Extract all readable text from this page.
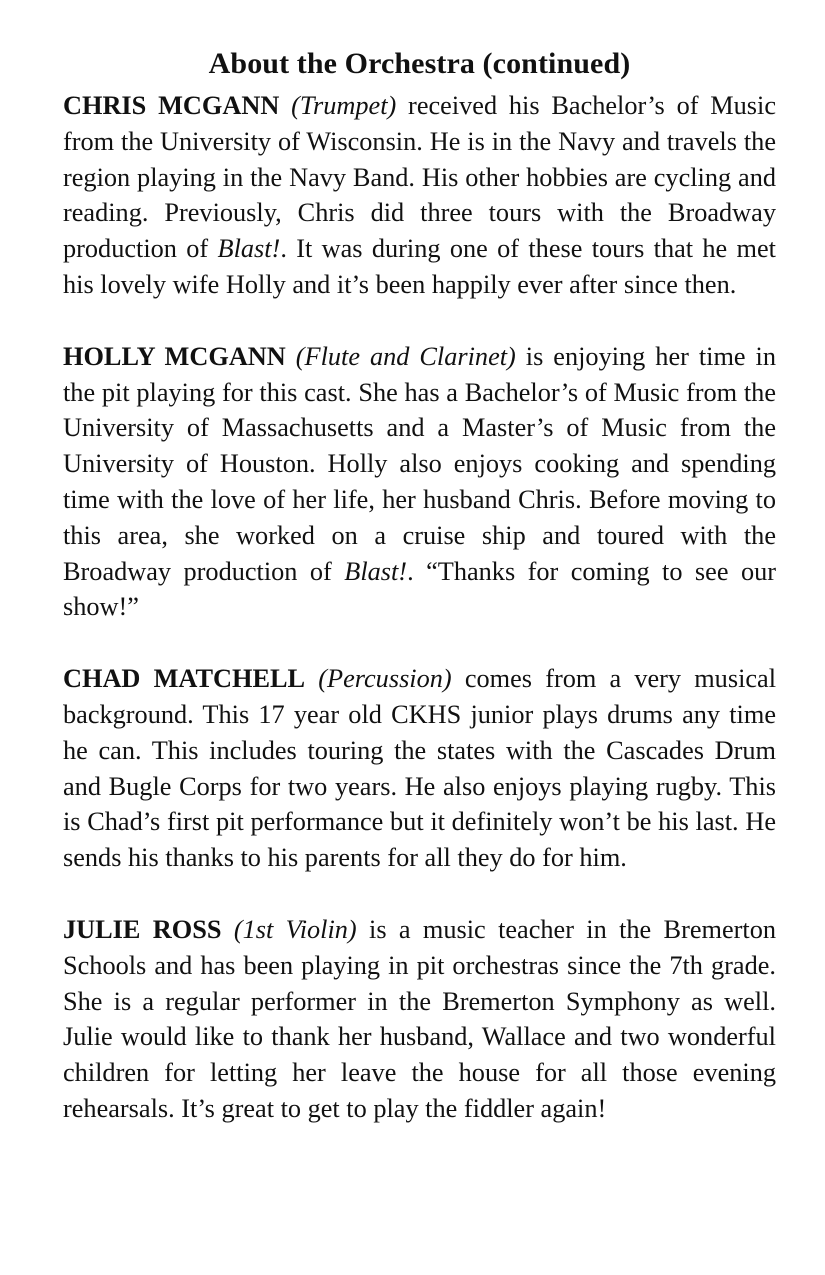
About the Orchestra (continued)

CHRIS MCGANN (Trumpet) received his Bachelor’s of Music from the University of Wisconsin. He is in the Navy and travels the region playing in the Navy Band. His other hobbies are cycling and reading. Previously, Chris did three tours with the Broadway production of Blast!. It was during one of these tours that he met his lovely wife Holly and it’s been happily ever after since then.

HOLLY MCGANN (Flute and Clarinet) is enjoying her time in the pit playing for this cast. She has a Bachelor’s of Music from the University of Massachusetts and a Master’s of Music from the University of Houston. Holly also enjoys cooking and spending time with the love of her life, her husband Chris. Before moving to this area, she worked on a cruise ship and toured with the Broadway production of Blast!. “Thanks for coming to see our show!”

CHAD MATCHELL (Percussion) comes from a very musical background. This 17 year old CKHS junior plays drums any time he can. This includes touring the states with the Cascades Drum and Bugle Corps for two years. He also enjoys playing rugby. This is Chad’s first pit performance but it definitely won’t be his last. He sends his thanks to his parents for all they do for him.

JULIE ROSS (1st Violin) is a music teacher in the Bremerton Schools and has been playing in pit orchestras since the 7th grade. She is a regular performer in the Bremerton Symphony as well. Julie would like to thank her husband, Wallace and two wonderful children for letting her leave the house for all those evening rehearsals. It’s great to get to play the fiddler again!
